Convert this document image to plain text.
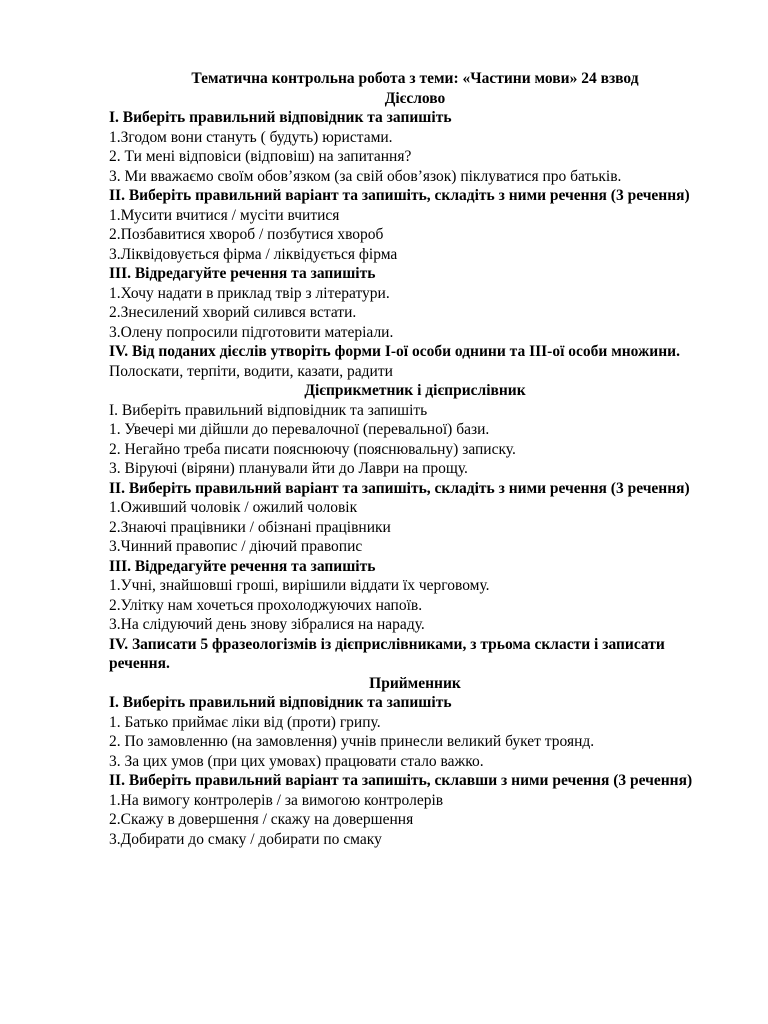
Тематична контрольна робота з теми: «Частини мови» 24 взвод
Дієслово
I. Виберіть правильний відповідник та запишіть
1.Згодом вони стануть ( будуть) юристами.
2. Ти мені відповіси (відповіш) на запитання?
3. Ми вважаємо своїм обов’язком (за свій обов’язок) піклуватися про батьків.
II. Виберіть правильний варіант та запишіть, складіть з ними речення (3 речення)
1.Мусити вчитися / мусіти вчитися
2.Позбавитися хвороб / позбутися хвороб
3.Ліквідовується фірма / ліквідується фірма
III. Відредагуйте речення та запишіть
1.Хочу надати в приклад твір з літератури.
2.Знесилений хворий силився встати.
3.Олену попросили підготовити матеріали.
IV. Від поданих дієслів утворіть форми I-ої особи однини та III-ої особи множини.
Полоскати, терпіти, водити, казати, радити
Дієприкметник і дієприслівник
I. Виберіть правильний відповідник та запишіть
1. Увечері ми дійшли до перевалочної (перевальної) бази.
2. Негайно треба писати пояснюючу (пояснювальну) записку.
3. Віруючі (віряни) планували йти до Лаври на прощу.
II. Виберіть правильний варіант та запишіть, складіть з ними речення (3 речення)
1.Оживший чоловік / ожилий чоловік
2.Знаючі працівники / обізнані працівники
3.Чинний правопис / діючий правопис
III. Відредагуйте речення та запишіть
1.Учні, знайшовші гроші, вирішили віддати їх черговому.
2.Улітку нам хочеться прохолоджуючих напоїв.
3.На слідуючий день знову зібралися на нараду.
IV. Записати 5 фразеологізмів із дієприслівниками, з трьома скласти і записати речення.
Прийменник
I. Виберіть правильний відповідник та запишіть
1. Батько приймає ліки від (проти) грипу.
2. По замовленню (на замовлення) учнів принесли великий букет троянд.
3. За цих умов (при цих умовах) працювати стало важко.
II. Виберіть правильний варіант та запишіть, склавши з ними речення (3 речення)
1.На вимогу контролерів / за вимогою контролерів
2.Скажу в довершення / скажу на довершення
3.Добирати до смаку / добирати по смаку
